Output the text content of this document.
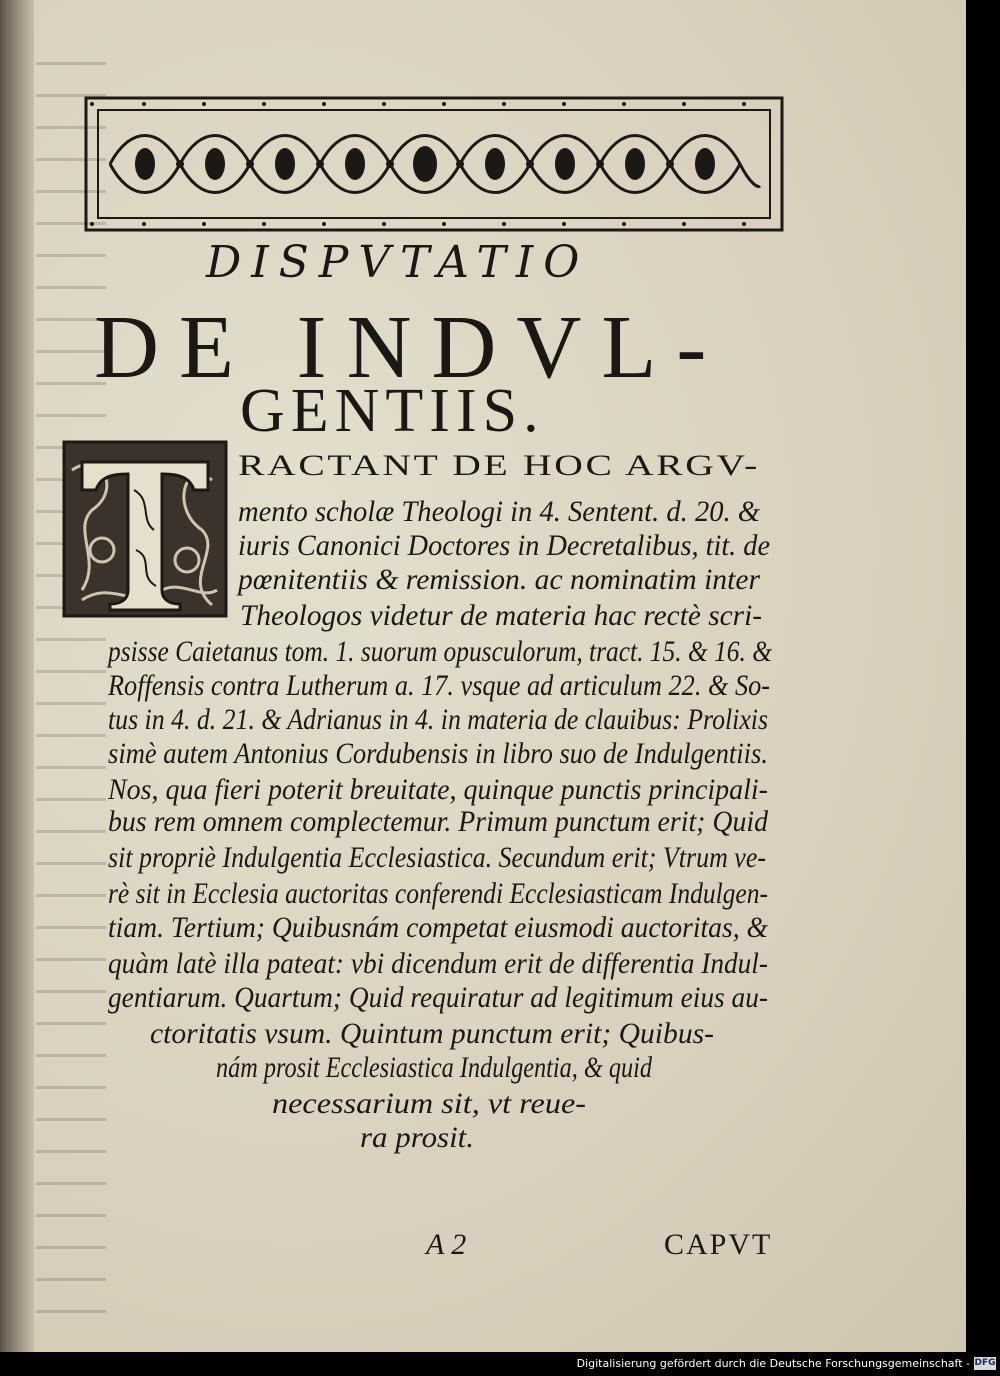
DISPVTATIO
DE INDVL-
GENTIIS.
RACTANT DE HOC ARGV-
mento scholæ Theologi in 4. Sentent. d. 20. &
iuris Canonici Doctores in Decretalibus, tit. de
pœnitentiis & remission. ac nominatim inter
Theologos videtur de materia hac rectè scri-
psisse Caietanus tom. 1. suorum opusculorum, tract. 15. & 16. &
Roffensis contra Lutherum a. 17. vsque ad articulum 22. & So-
tus in 4. d. 21. & Adrianus in 4. in materia de clauibus: Prolixis
simè autem Antonius Cordubensis in libro suo de Indulgentiis.
Nos, qua fieri poterit breuitate, quinque punctis principali-
bus rem omnem complectemur. Primum punctum erit; Quid
sit propriè Indulgentia Ecclesiastica. Secundum erit; Vtrum ve-
rè sit in Ecclesia auctoritas conferendi Ecclesiasticam Indulgen-
tiam. Tertium; Quibusnám competat eiusmodi auctoritas, &
quàm latè illa pateat: vbi dicendum erit de differentia Indul-
gentiarum. Quartum; Quid requiratur ad legitimum eius au-
ctoritatis vsum. Quintum punctum erit; Quibus-
nám prosit Ecclesiastica Indulgentia, & quid
necessarium sit, vt reue-
ra prosit.
A 2	CAPVT
Digitalisierung gefördert durch die Deutsche Forschungsgemeinschaft - DFG
